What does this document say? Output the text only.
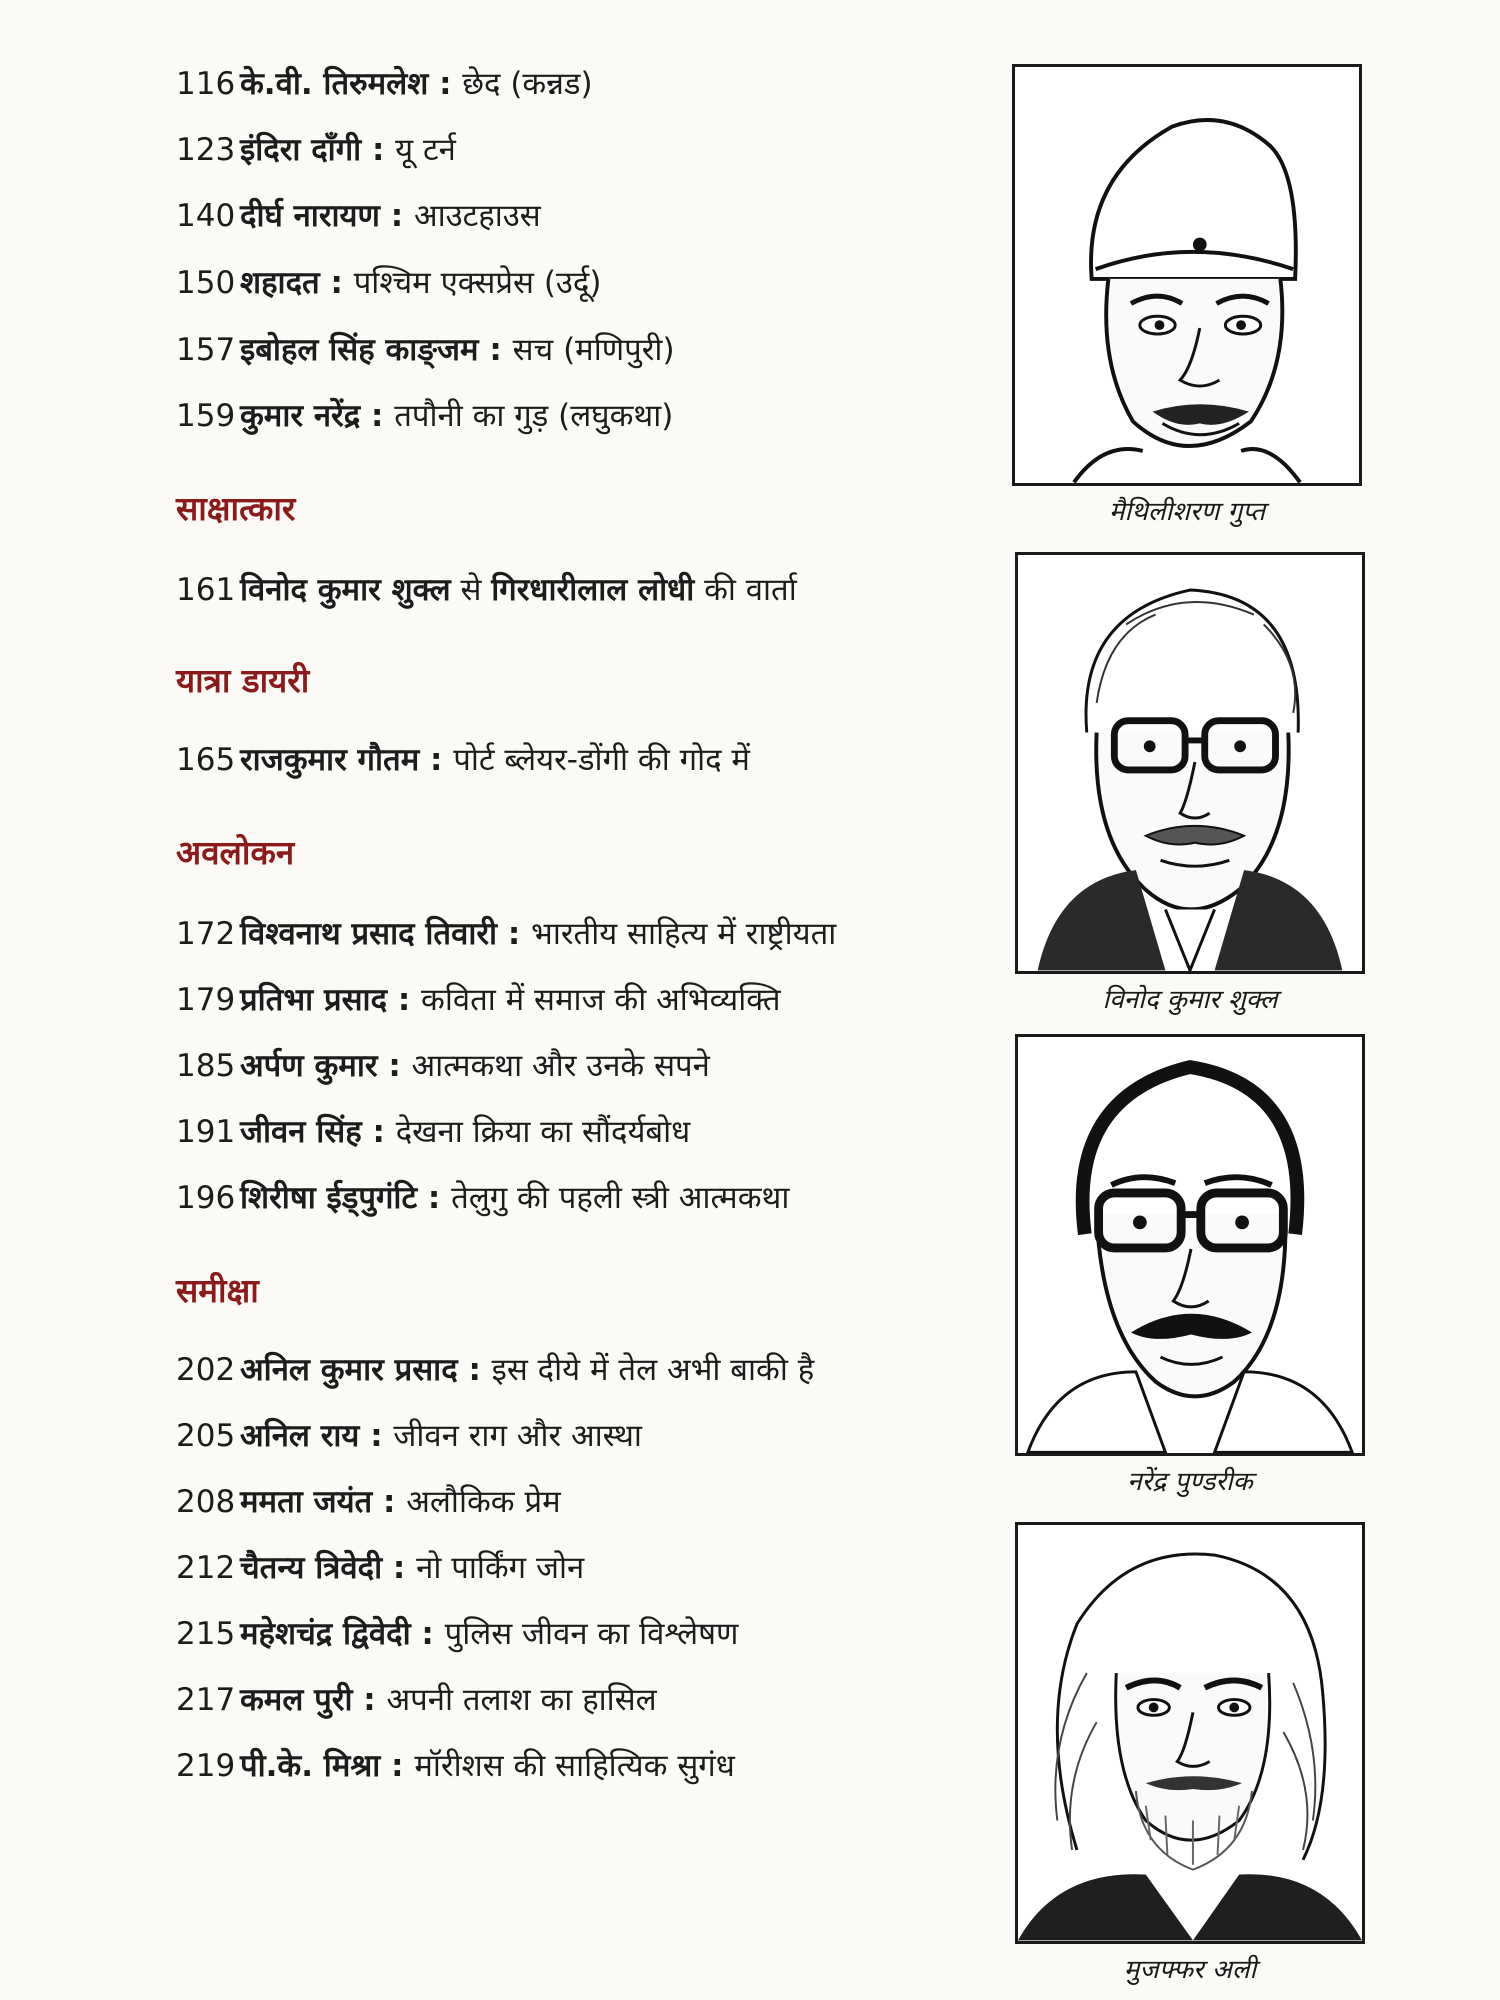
116 के.वी. तिरुमलेश : छेद (कन्नड)
123 इंदिरा दाँगी : यू टर्न
140 दीर्घ नारायण : आउटहाउस
150 शहादत : पश्चिम एक्सप्रेस (उर्दू)
157 इबोहल सिंह काङ्जम : सच (मणिपुरी)
159 कुमार नरेंद्र : तपौनी का गुड़ (लघुकथा)
साक्षात्कार
161 विनोद कुमार शुक्ल से गिरधारीलाल लोधी की वार्ता
यात्रा डायरी
165 राजकुमार गौतम : पोर्ट ब्लेयर-डोंगी की गोद में
अवलोकन
172 विश्वनाथ प्रसाद तिवारी : भारतीय साहित्य में राष्ट्रीयता
179 प्रतिभा प्रसाद : कविता में समाज की अभिव्यक्ति
185 अर्पण कुमार : आत्मकथा और उनके सपने
191 जीवन सिंह : देखना क्रिया का सौंदर्यबोध
196 शिरीषा ईड्पुगंटि : तेलुगु की पहली स्त्री आत्मकथा
समीक्षा
202 अनिल कुमार प्रसाद : इस दीये में तेल अभी बाकी है
205 अनिल राय : जीवन राग और आस्था
208 ममता जयंत : अलौकिक प्रेम
212 चैतन्य त्रिवेदी : नो पार्किंग जोन
215 महेशचंद्र द्विवेदी : पुलिस जीवन का विश्लेषण
217 कमल पुरी : अपनी तलाश का हासिल
219 पी.के. मिश्रा : मॉरीशस की साहित्यिक सुगंध
मैथिलीशरण गुप्त
विनोद कुमार शुक्ल
नरेंद्र पुण्डरीक
मुजफ्फर अली
